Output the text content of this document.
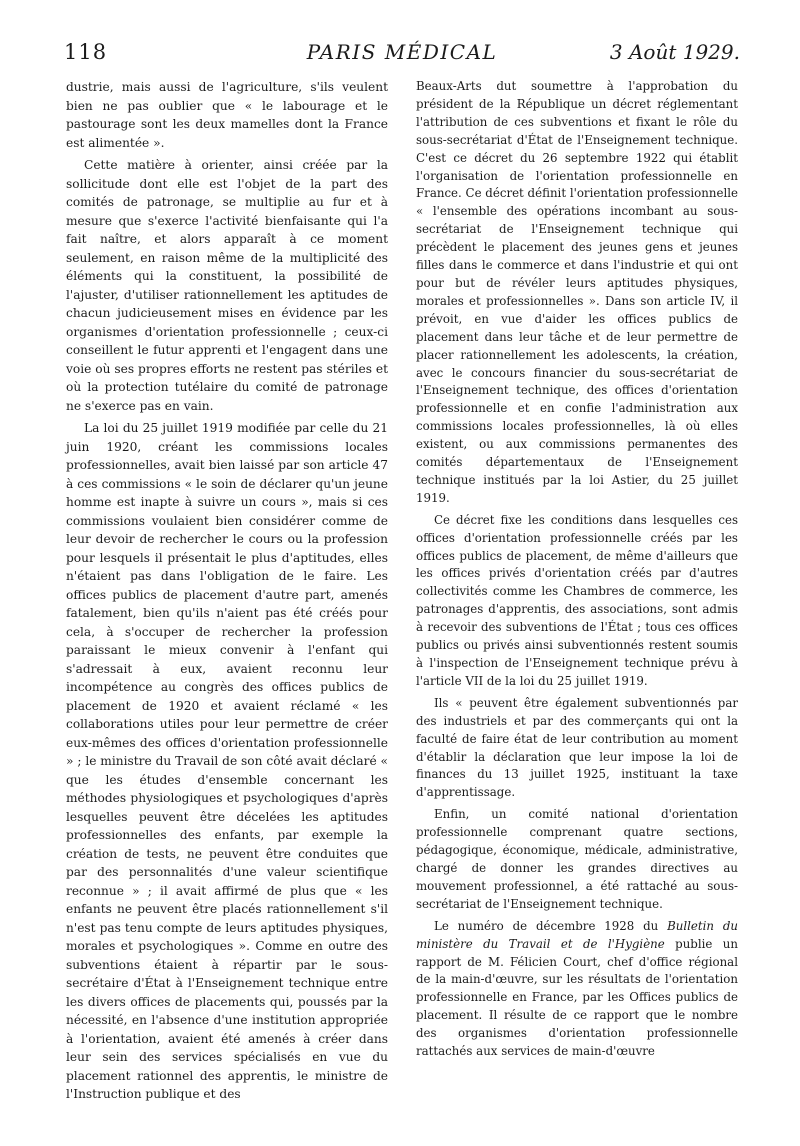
118	PARIS MÉDICAL	3 Août 1929.

dustrie, mais aussi de l'agriculture, s'ils veulent bien ne pas oublier que « le labourage et le pastourage sont les deux mamelles dont la France est alimentée ».

Cette matière à orienter, ainsi créée par la sollicitude dont elle est l'objet de la part des comités de patronage, se multiplie au fur et à mesure que s'exerce l'activité bienfaisante qui l'a fait naître, et alors apparaît à ce moment seulement, en raison même de la multiplicité des éléments qui la constituent, la possibilité de l'ajuster, d'utiliser rationnellement les aptitudes de chacun judicieusement mises en évidence par les organismes d'orientation professionnelle ; ceux-ci conseillent le futur apprenti et l'engagent dans une voie où ses propres efforts ne restent pas stériles et où la protection tutélaire du comité de patronage ne s'exerce pas en vain.

La loi du 25 juillet 1919 modifiée par celle du 21 juin 1920, créant les commissions locales professionnelles, avait bien laissé par son article 47 à ces commissions « le soin de déclarer qu'un jeune homme est inapte à suivre un cours », mais si ces commissions voulaient bien considérer comme de leur devoir de rechercher le cours ou la profession pour lesquels il présentait le plus d'aptitudes, elles n'étaient pas dans l'obligation de le faire. Les offices publics de placement d'autre part, amenés fatalement, bien qu'ils n'aient pas été créés pour cela, à s'occuper de rechercher la profession paraissant le mieux convenir à l'enfant qui s'adressait à eux, avaient reconnu leur incompétence au congrès des offices publics de placement de 1920 et avaient réclamé « les collaborations utiles pour leur permettre de créer eux-mêmes des offices d'orientation professionnelle » ; le ministre du Travail de son côté avait déclaré « que les études d'ensemble concernant les méthodes physiologiques et psychologiques d'après lesquelles peuvent être décelées les aptitudes professionnelles des enfants, par exemple la création de tests, ne peuvent être conduites que par des personnalités d'une valeur scientifique reconnue » ; il avait affirmé de plus que « les enfants ne peuvent être placés rationnellement s'il n'est pas tenu compte de leurs aptitudes physiques, morales et psychologiques ». Comme en outre des subventions étaient à répartir par le sous-secrétaire d'État à l'Enseignement technique entre les divers offices de placements qui, poussés par la nécessité, en l'absence d'une institution appropriée à l'orientation, avaient été amenés à créer dans leur sein des services spécialisés en vue du placement rationnel des apprentis, le ministre de l'Instruction publique et des

Beaux-Arts dut soumettre à l'approbation du président de la République un décret réglementant l'attribution de ces subventions et fixant le rôle du sous-secrétariat d'État de l'Enseignement technique. C'est ce décret du 26 septembre 1922 qui établit l'organisation de l'orientation professionnelle en France. Ce décret définit l'orientation professionnelle « l'ensemble des opérations incombant au sous-secrétariat de l'Enseignement technique qui précèdent le placement des jeunes gens et jeunes filles dans le commerce et dans l'industrie et qui ont pour but de révéler leurs aptitudes physiques, morales et professionnelles ». Dans son article IV, il prévoit, en vue d'aider les offices publics de placement dans leur tâche et de leur permettre de placer rationnellement les adolescents, la création, avec le concours financier du sous-secrétariat de l'Enseignement technique, des offices d'orientation professionnelle et en confie l'administration aux commissions locales professionnelles, là où elles existent, ou aux commissions permanentes des comités départementaux de l'Enseignement technique institués par la loi Astier, du 25 juillet 1919.

Ce décret fixe les conditions dans lesquelles ces offices d'orientation professionnelle créés par les offices publics de placement, de même d'ailleurs que les offices privés d'orientation créés par d'autres collectivités comme les Chambres de commerce, les patronages d'apprentis, des associations, sont admis à recevoir des subventions de l'État ; tous ces offices publics ou privés ainsi subventionnés restent soumis à l'inspection de l'Enseignement technique prévu à l'article VII de la loi du 25 juillet 1919.

Ils « peuvent être également subventionnés par des industriels et par des commerçants qui ont la faculté de faire état de leur contribution au moment d'établir la déclaration que leur impose la loi de finances du 13 juillet 1925, instituant la taxe d'apprentissage.

Enfin, un comité national d'orientation professionnelle comprenant quatre sections, pédagogique, économique, médicale, administrative, chargé de donner les grandes directives au mouvement professionnel, a été rattaché au sous-secrétariat de l'Enseignement technique.

Le numéro de décembre 1928 du Bulletin du ministère du Travail et de l'Hygiène publie un rapport de M. Félicien Court, chef d'office régional de la main-d'œuvre, sur les résultats de l'orientation professionnelle en France, par les Offices publics de placement. Il résulte de ce rapport que le nombre des organismes d'orientation professionnelle rattachés aux services de main-d'œuvre
